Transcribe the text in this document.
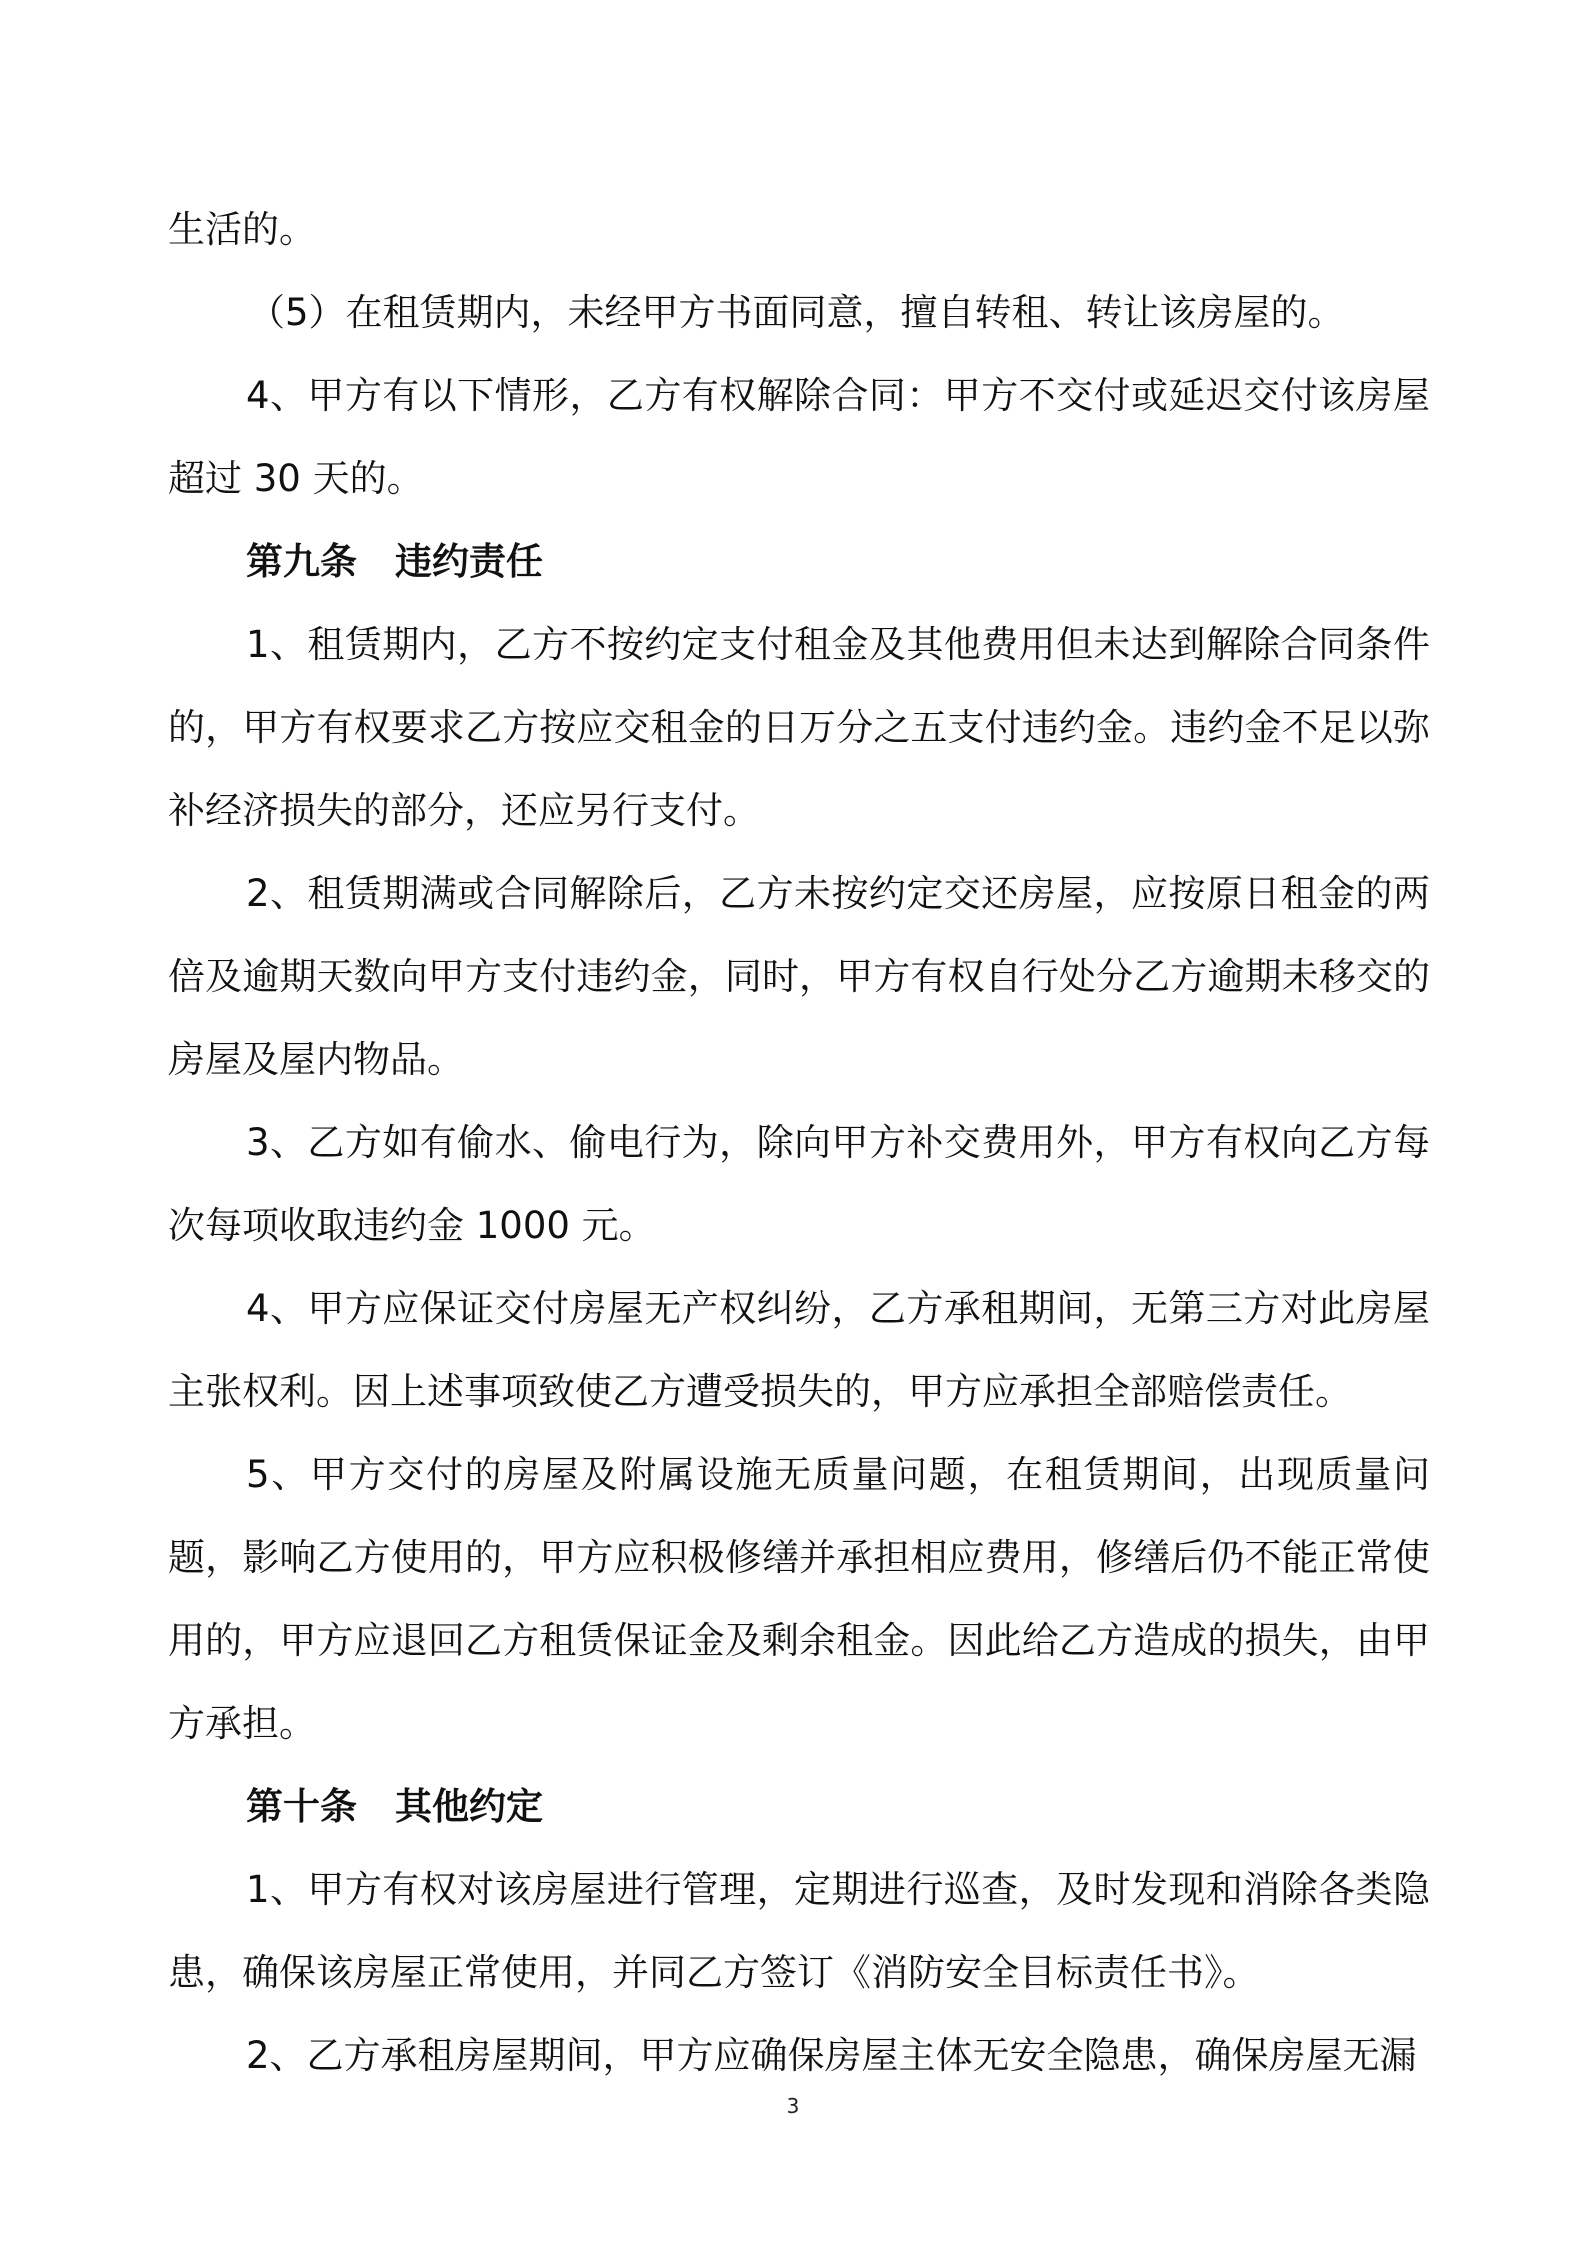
生活的。

（5）在租赁期内，未经甲方书面同意，擅自转租、转让该房屋的。

4、甲方有以下情形，乙方有权解除合同：甲方不交付或延迟交付该房屋超过 30 天的。

第九条 违约责任

1、租赁期内，乙方不按约定支付租金及其他费用但未达到解除合同条件的，甲方有权要求乙方按应交租金的日万分之五支付违约金。违约金不足以弥补经济损失的部分，还应另行支付。

2、租赁期满或合同解除后，乙方未按约定交还房屋，应按原日租金的两倍及逾期天数向甲方支付违约金，同时，甲方有权自行处分乙方逾期未移交的房屋及屋内物品。

3、乙方如有偷水、偷电行为，除向甲方补交费用外，甲方有权向乙方每次每项收取违约金 1000 元。

4、甲方应保证交付房屋无产权纠纷，乙方承租期间，无第三方对此房屋主张权利。因上述事项致使乙方遭受损失的，甲方应承担全部赔偿责任。

5、甲方交付的房屋及附属设施无质量问题，在租赁期间，出现质量问题，影响乙方使用的，甲方应积极修缮并承担相应费用，修缮后仍不能正常使用的，甲方应退回乙方租赁保证金及剩余租金。因此给乙方造成的损失，由甲方承担。

第十条 其他约定

1、甲方有权对该房屋进行管理，定期进行巡查，及时发现和消除各类隐患，确保该房屋正常使用，并同乙方签订《消防安全目标责任书》。

2、乙方承租房屋期间，甲方应确保房屋主体无安全隐患，确保房屋无漏

3
